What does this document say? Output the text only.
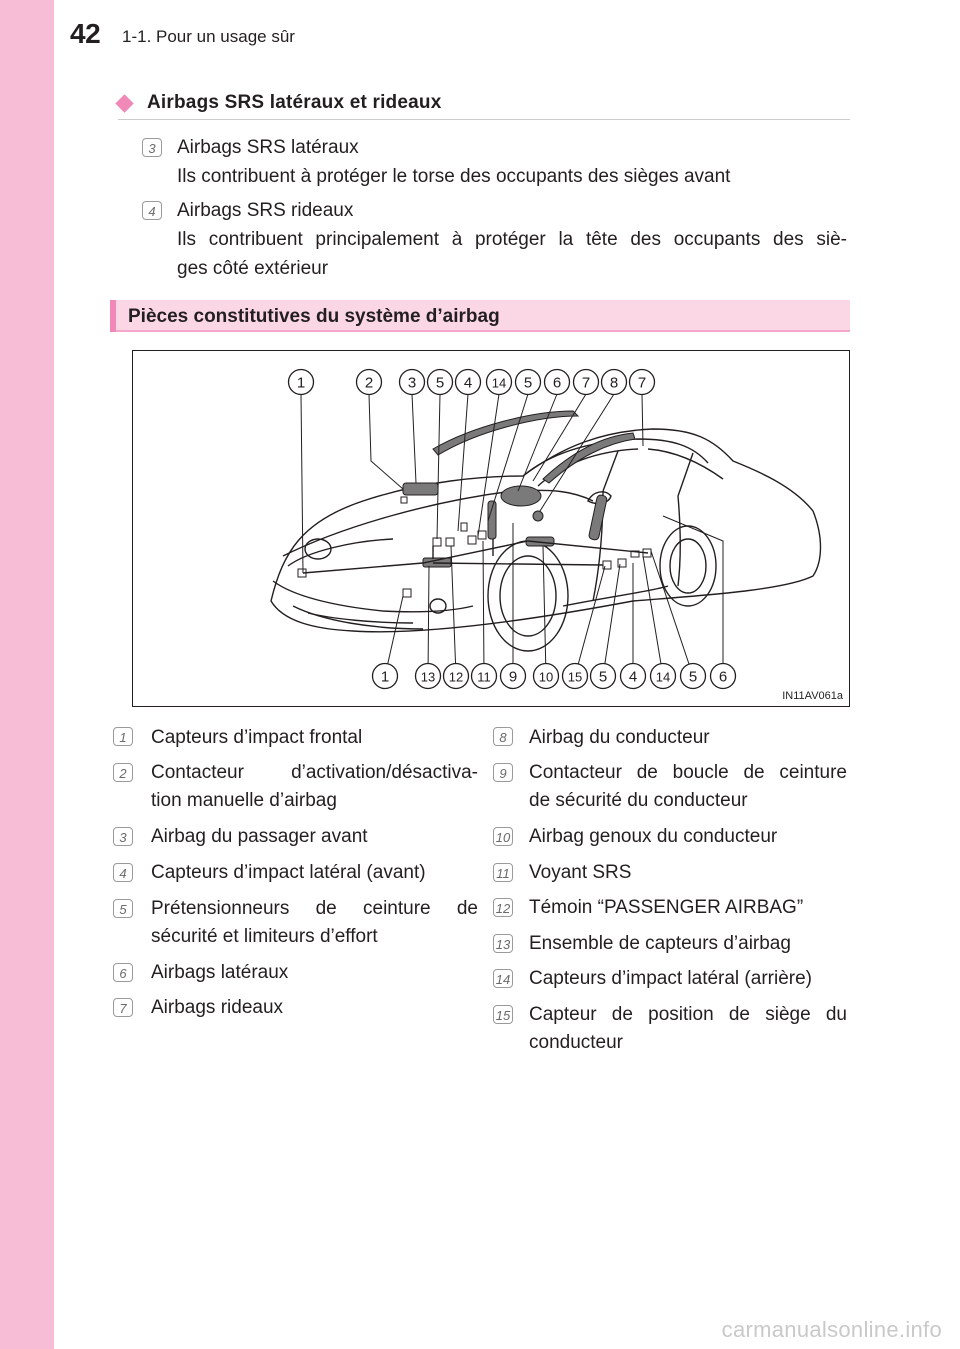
42 1-1. Pour un usage sûr
Airbags SRS latéraux et rideaux
3	Airbags SRS latéraux
Ils contribuent à protéger le torse des occupants des sièges avant
4	Airbags SRS rideaux
Ils contribuent principalement à protéger la tête des occupants des siè-
ges côté extérieur
Pièces constitutives du système d’airbag
1	2 3 5 4 14 5 6 7 8 7
1 13 12 11 9 10 15 5 4 14 5 6
IN11AV061a
1	Capteurs d’impact frontal
2	Contacteur d’activation/désactiva-
tion manuelle d’airbag
3	Airbag du passager avant
4	Capteurs d’impact latéral (avant)
5	Prétensionneurs de ceinture de
sécurité et limiteurs d’effort
6	Airbags latéraux
7	Airbags rideaux
8	Airbag du conducteur
9	Contacteur de boucle de ceinture
de sécurité du conducteur
10 Airbag genoux du conducteur
11 Voyant SRS
12 Témoin “PASSENGER AIRBAG”
13 Ensemble de capteurs d’airbag
14 Capteurs d’impact latéral (arrière)
15 Capteur de position de siège du
conducteur
carmanualsonline.info
